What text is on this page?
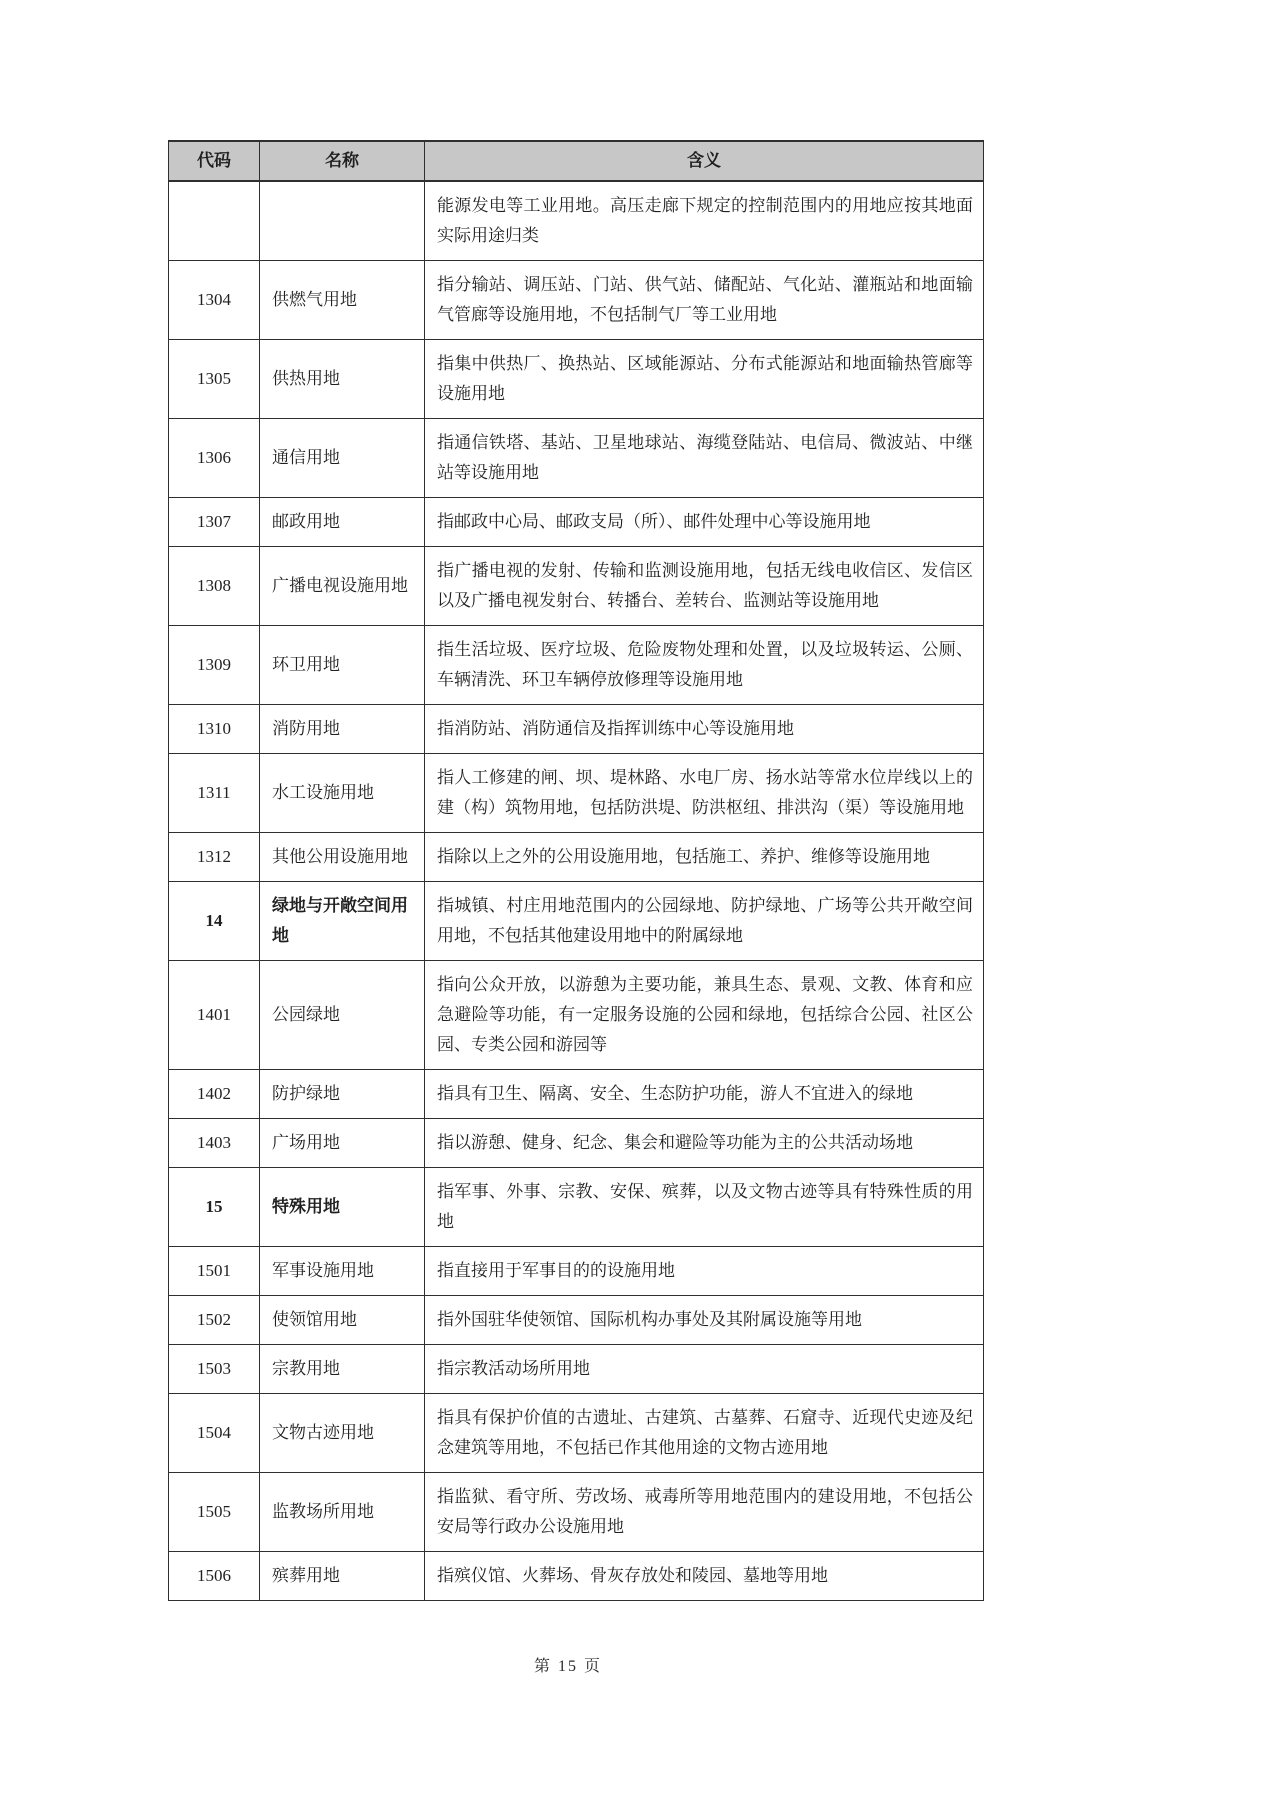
代码	名称	含义
		能源发电等工业用地。高压走廊下规定的控制范围内的用地应按其地面实际用途归类
1304	供燃气用地	指分输站、调压站、门站、供气站、储配站、气化站、灌瓶站和地面输气管廊等设施用地，不包括制气厂等工业用地
1305	供热用地	指集中供热厂、换热站、区域能源站、分布式能源站和地面输热管廊等设施用地
1306	通信用地	指通信铁塔、基站、卫星地球站、海缆登陆站、电信局、微波站、中继站等设施用地
1307	邮政用地	指邮政中心局、邮政支局（所）、邮件处理中心等设施用地
1308	广播电视设施用地	指广播电视的发射、传输和监测设施用地，包括无线电收信区、发信区以及广播电视发射台、转播台、差转台、监测站等设施用地
1309	环卫用地	指生活垃圾、医疗垃圾、危险废物处理和处置，以及垃圾转运、公厕、车辆清洗、环卫车辆停放修理等设施用地
1310	消防用地	指消防站、消防通信及指挥训练中心等设施用地
1311	水工设施用地	指人工修建的闸、坝、堤林路、水电厂房、扬水站等常水位岸线以上的建（构）筑物用地，包括防洪堤、防洪枢纽、排洪沟（渠）等设施用地
1312	其他公用设施用地	指除以上之外的公用设施用地，包括施工、养护、维修等设施用地
14	绿地与开敞空间用地	指城镇、村庄用地范围内的公园绿地、防护绿地、广场等公共开敞空间用地，不包括其他建设用地中的附属绿地
1401	公园绿地	指向公众开放，以游憩为主要功能，兼具生态、景观、文教、体育和应急避险等功能，有一定服务设施的公园和绿地，包括综合公园、社区公园、专类公园和游园等
1402	防护绿地	指具有卫生、隔离、安全、生态防护功能，游人不宜进入的绿地
1403	广场用地	指以游憩、健身、纪念、集会和避险等功能为主的公共活动场地
15	特殊用地	指军事、外事、宗教、安保、殡葬，以及文物古迹等具有特殊性质的用地
1501	军事设施用地	指直接用于军事目的的设施用地
1502	使领馆用地	指外国驻华使领馆、国际机构办事处及其附属设施等用地
1503	宗教用地	指宗教活动场所用地
1504	文物古迹用地	指具有保护价值的古遗址、古建筑、古墓葬、石窟寺、近现代史迹及纪念建筑等用地，不包括已作其他用途的文物古迹用地
1505	监教场所用地	指监狱、看守所、劳改场、戒毒所等用地范围内的建设用地，不包括公安局等行政办公设施用地
1506	殡葬用地	指殡仪馆、火葬场、骨灰存放处和陵园、墓地等用地
第 15 页
